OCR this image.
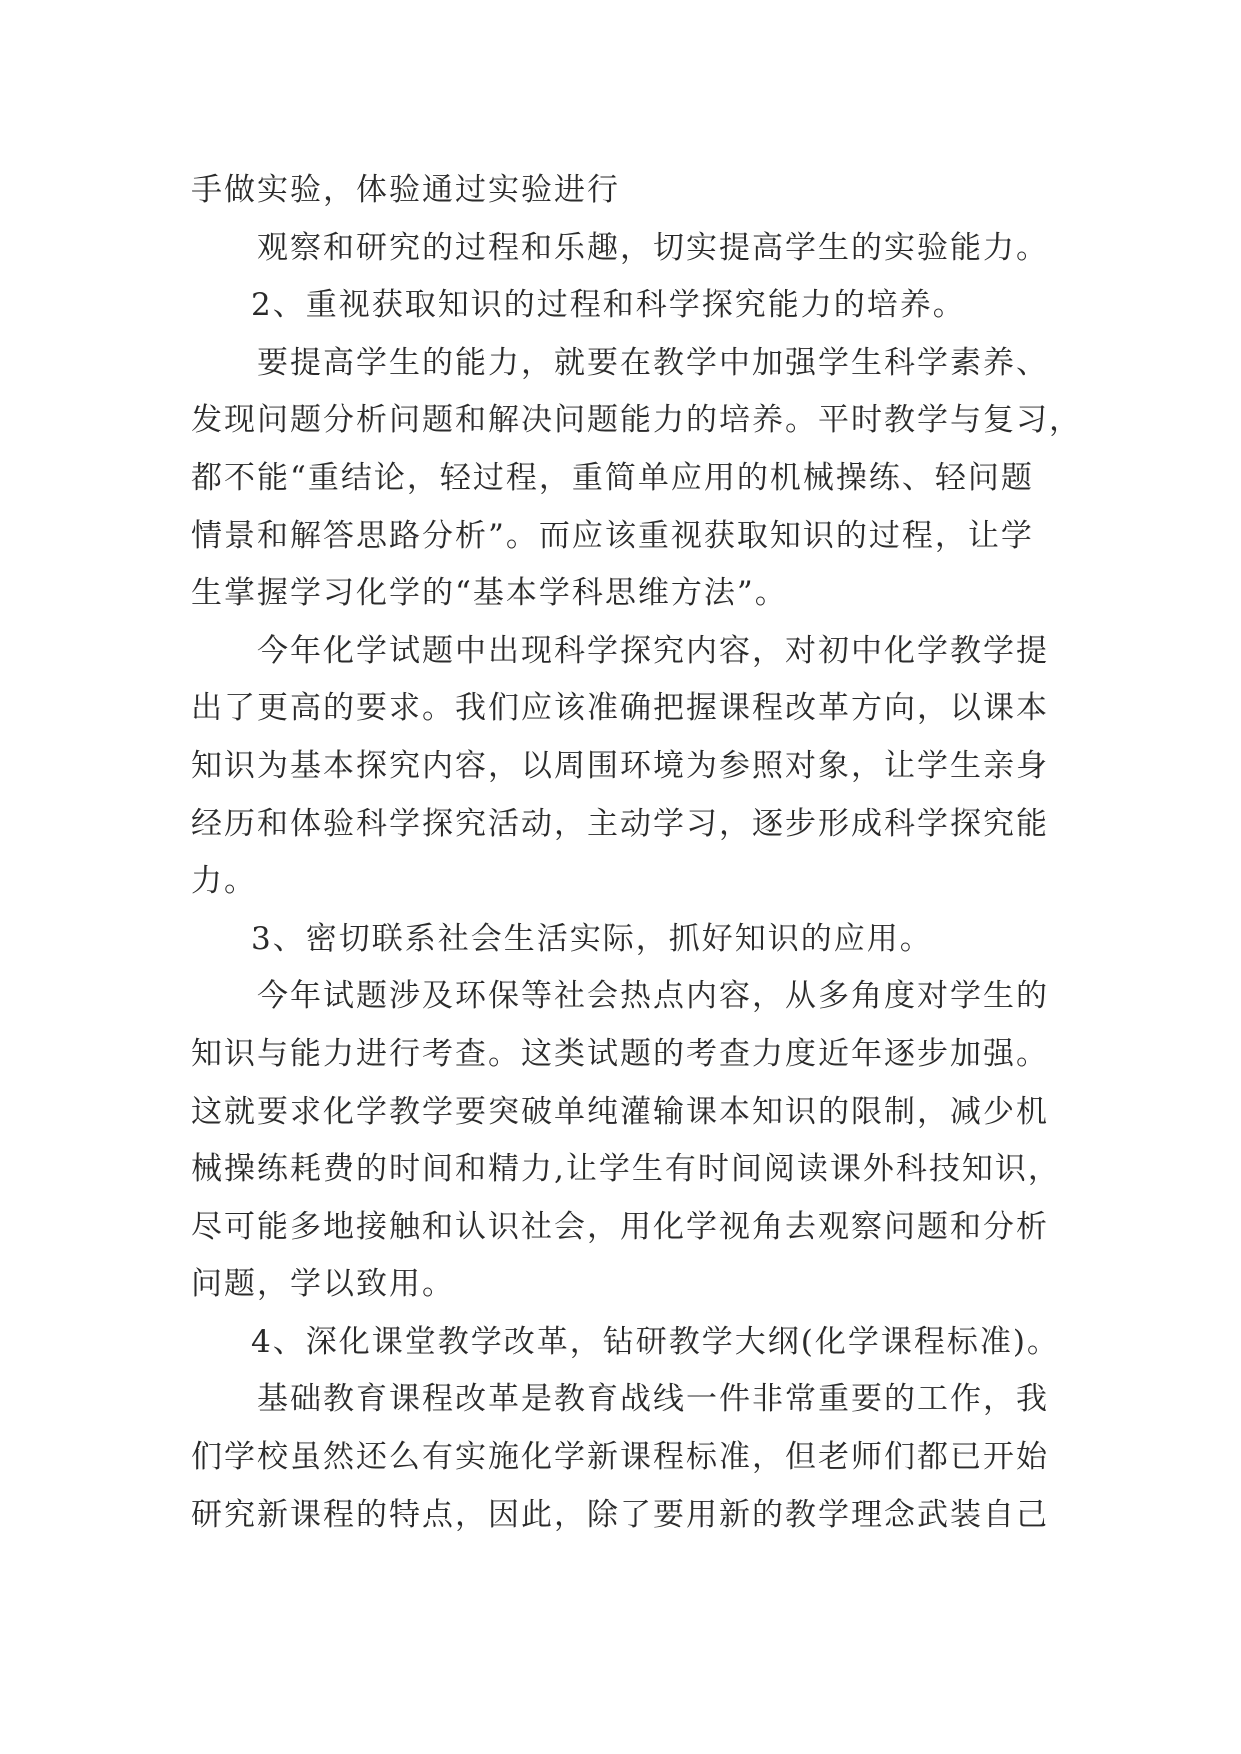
手做实验，体验通过实验进行
观察和研究的过程和乐趣，切实提高学生的实验能力。
2、重视获取知识的过程和科学探究能力的培养。
要提高学生的能力，就要在教学中加强学生科学素养、
发现问题分析问题和解决问题能力的培养。平时教学与复习，
都不能“重结论，轻过程，重简单应用的机械操练、轻问题
情景和解答思路分析”。而应该重视获取知识的过程，让学
生掌握学习化学的“基本学科思维方法”。
今年化学试题中出现科学探究内容，对初中化学教学提
出了更高的要求。我们应该准确把握课程改革方向，以课本
知识为基本探究内容，以周围环境为参照对象，让学生亲身
经历和体验科学探究活动，主动学习，逐步形成科学探究能
力。
3、密切联系社会生活实际，抓好知识的应用。
今年试题涉及环保等社会热点内容，从多角度对学生的
知识与能力进行考查。这类试题的考查力度近年逐步加强。
这就要求化学教学要突破单纯灌输课本知识的限制，减少机
械操练耗费的时间和精力,让学生有时间阅读课外科技知识，
尽可能多地接触和认识社会，用化学视角去观察问题和分析
问题，学以致用。
4、深化课堂教学改革，钻研教学大纲(化学课程标准)。
基础教育课程改革是教育战线一件非常重要的工作，我
们学校虽然还么有实施化学新课程标准，但老师们都已开始
研究新课程的特点，因此，除了要用新的教学理念武装自己
